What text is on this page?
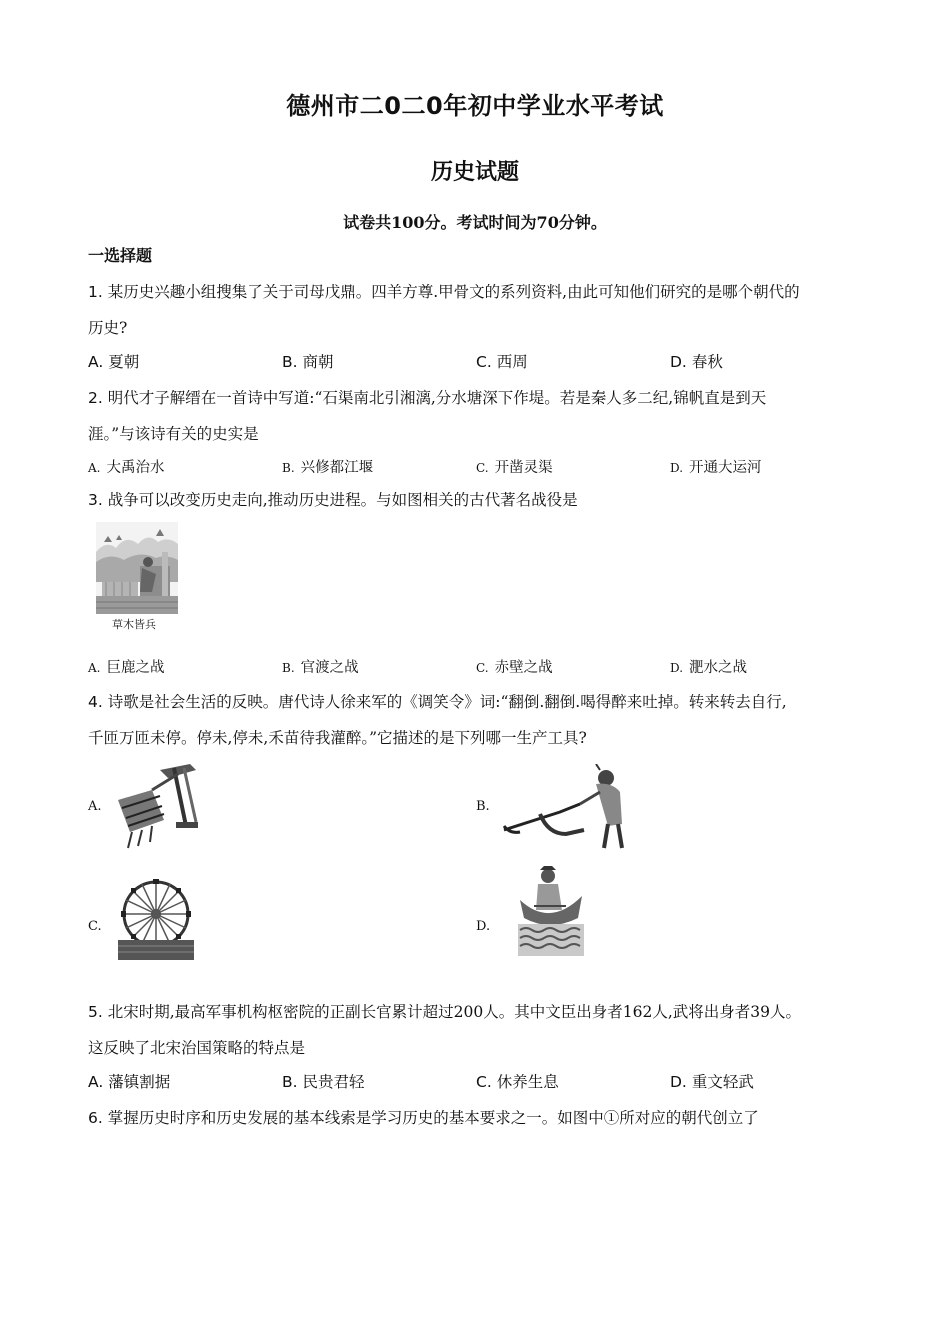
德州市二0二0年初中学业水平考试
历史试题
试卷共100分。考试时间为70分钟。
一选择题
1. 某历史兴趣小组搜集了关于司母戊鼎。四羊方尊.甲骨文的系列资料,由此可知他们研究的是哪个朝代的
历史?
A. 夏朝	B. 商朝	C. 西周	D. 春秋
2. 明代才子解缙在一首诗中写道:“石渠南北引湘漓,分水塘深下作堤。若是秦人多二纪,锦帆直是到天
涯。”与该诗有关的史实是
A. 大禹治水	B. 兴修都江堰	C. 开凿灵渠	D. 开通大运河
3. 战争可以改变历史走向,推动历史进程。与如图相关的古代著名战役是
草木皆兵
A. 巨鹿之战	B. 官渡之战	C. 赤壁之战	D. 淝水之战
4. 诗歌是社会生活的反映。唐代诗人徐来军的《调笑令》词:“翻倒.翻倒.喝得醉来吐掉。转来转去自行,
千匝万匝未停。停未,停未,禾苗待我灌醉。”它描述的是下列哪一生产工具?
A.	B.
C.	D.
5. 北宋时期,最高军事机构枢密院的正副长官累计超过200人。其中文臣出身者162人,武将出身者39人。
这反映了北宋治国策略的特点是
A. 藩镇割据	B. 民贵君轻	C. 休养生息	D. 重文轻武
6. 掌握历史时序和历史发展的基本线索是学习历史的基本要求之一。如图中①所对应的朝代创立了
